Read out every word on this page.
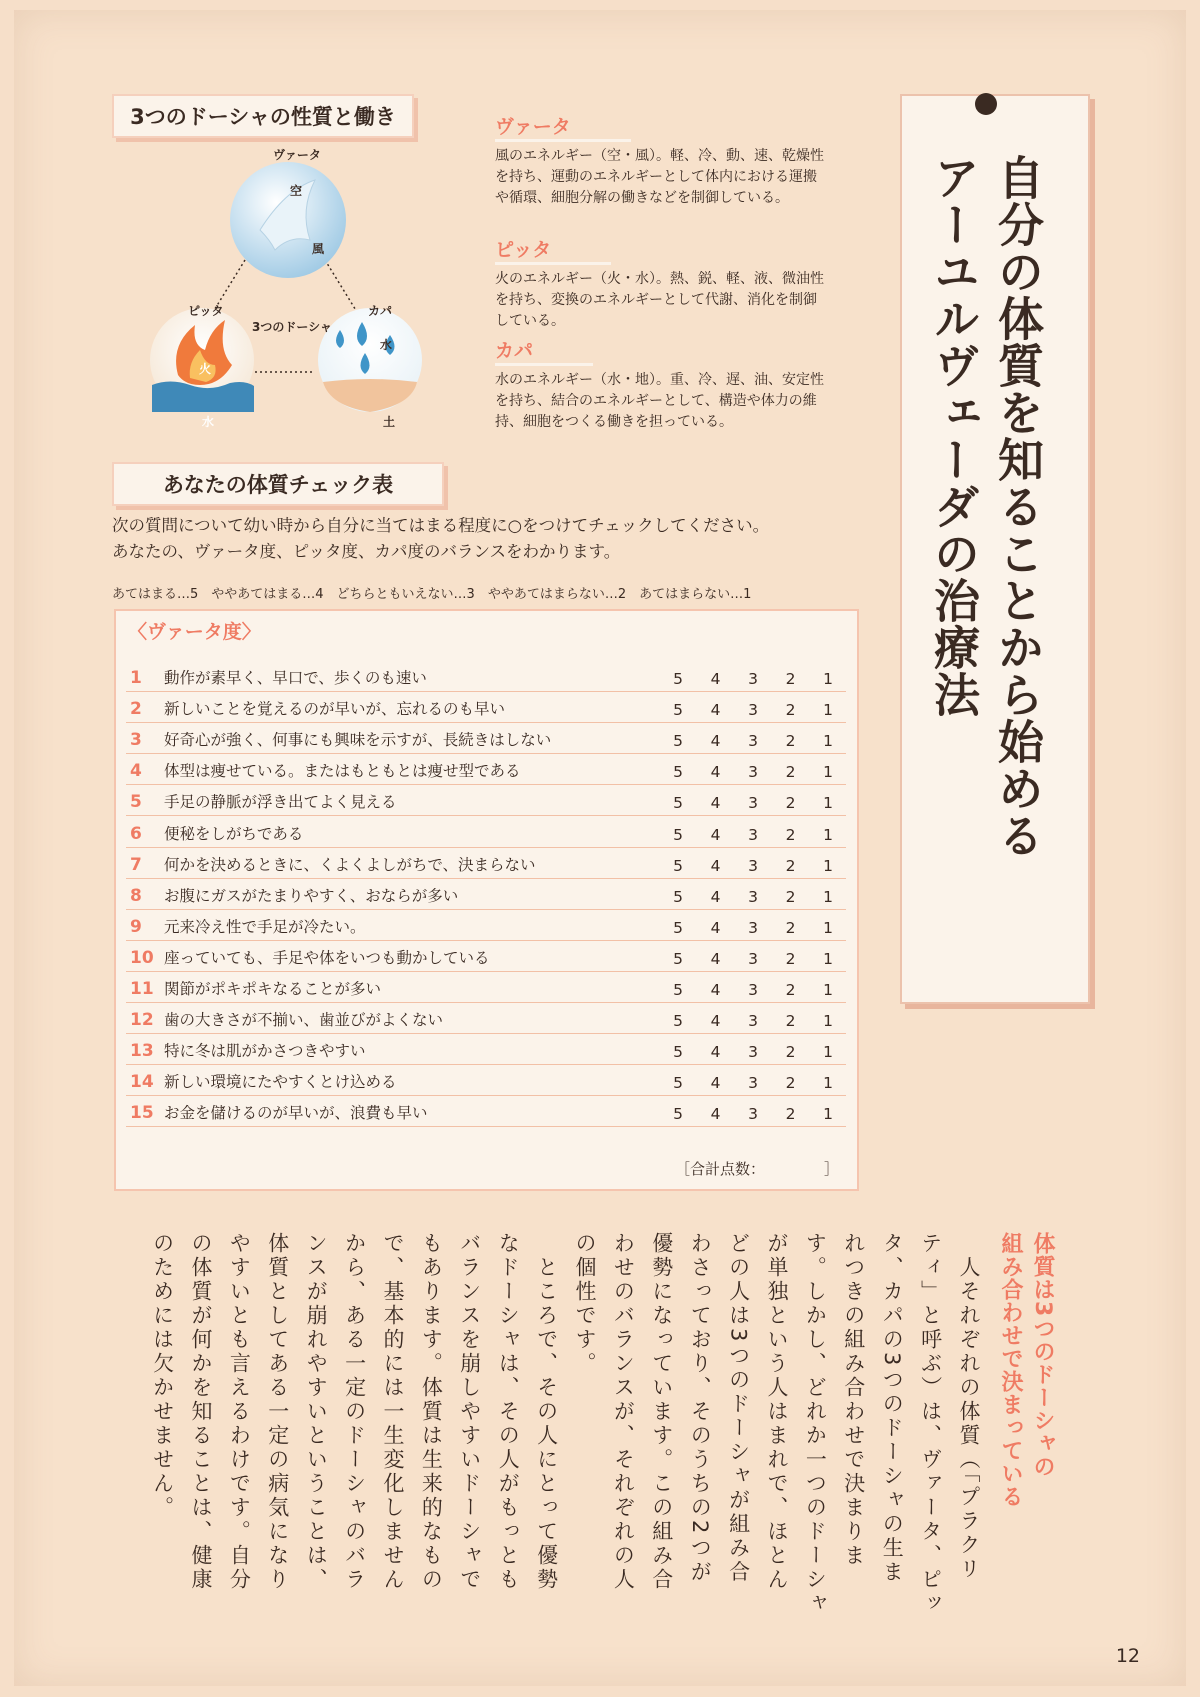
3つのドーシャの性質と働き
ヴァータ
空
風
ピッタ
火
水
3つのドーシャ
カパ
水
土
ヴァータ
風のエネルギー（空・風）。軽、冷、動、速、乾燥性を持ち、運動のエネルギーとして体内における運搬や循環、細胞分解の働きなどを制御している。
ピッタ
火のエネルギー（火・水）。熱、鋭、軽、液、微油性を持ち、変換のエネルギーとして代謝、消化を制御している。
カパ
水のエネルギー（水・地）。重、冷、遅、油、安定性を持ち、結合のエネルギーとして、構造や体力の維持、細胞をつくる働きを担っている。
あなたの体質チェック表
次の質問について幼い時から自分に当てはまる程度に○をつけてチェックしてください。
あなたの、ヴァータ度、ピッタ度、カパ度のバランスをわかります。
あてはまる…5　ややあてはまる…4　どちらともいえない…3　ややあてはまらない…2　あてはまらない…1
〈ヴァータ度〉
1	動作が素早く、早口で、歩くのも速い	5	4	3	2	1
2	新しいことを覚えるのが早いが、忘れるのも早い	5	4	3	2	1
3	好奇心が強く、何事にも興味を示すが、長続きはしない	5	4	3	2	1
4	体型は痩せている。またはもともとは痩せ型である	5	4	3	2	1
5	手足の静脈が浮き出てよく見える	5	4	3	2	1
6	便秘をしがちである	5	4	3	2	1
7	何かを決めるときに、くよくよしがちで、決まらない	5	4	3	2	1
8	お腹にガスがたまりやすく、おならが多い	5	4	3	2	1
9	元来冷え性で手足が冷たい。	5	4	3	2	1
10 座っていても、手足や体をいつも動かしている	5	4	3	2	1
11 関節がポキポキなることが多い	5	4	3	2	1
12 歯の大きさが不揃い、歯並びがよくない	5	4	3	2	1
13 特に冬は肌がかさつきやすい	5	4	3	2	1
14 新しい環境にたやすくとけ込める	5	4	3	2	1
15 お金を儲けるのが早いが、浪費も早い	5	4	3	2	1
［合計点数：	］
自分の体質を知ることから始める
アーユルヴェーダの治療法
体質は3つのドーシャの
組み合わせで決まっている
　人それぞれの体質（「プラクリ
ティ」と呼ぶ）は、ヴァータ、ピッ
タ、カパの3つのドーシャの生ま
れつきの組み合わせで決まりま
す。しかし、どれか一つのドーシャ
が単独という人はまれで、ほとん
どの人は3つのドーシャが組み合
わさっており、そのうちの2つが
優勢になっています。この組み合
わせのバランスが、それぞれの人
の個性です。
　ところで、その人にとって優勢
なドーシャは、その人がもっとも
バランスを崩しやすいドーシャで
もあります。体質は生来的なもの
で、基本的には一生変化しません
から、ある一定のドーシャのバラ
ンスが崩れやすいということは、
体質としてある一定の病気になり
やすいとも言えるわけです。自分
の体質が何かを知ることは、健康
のためには欠かせません。
12
